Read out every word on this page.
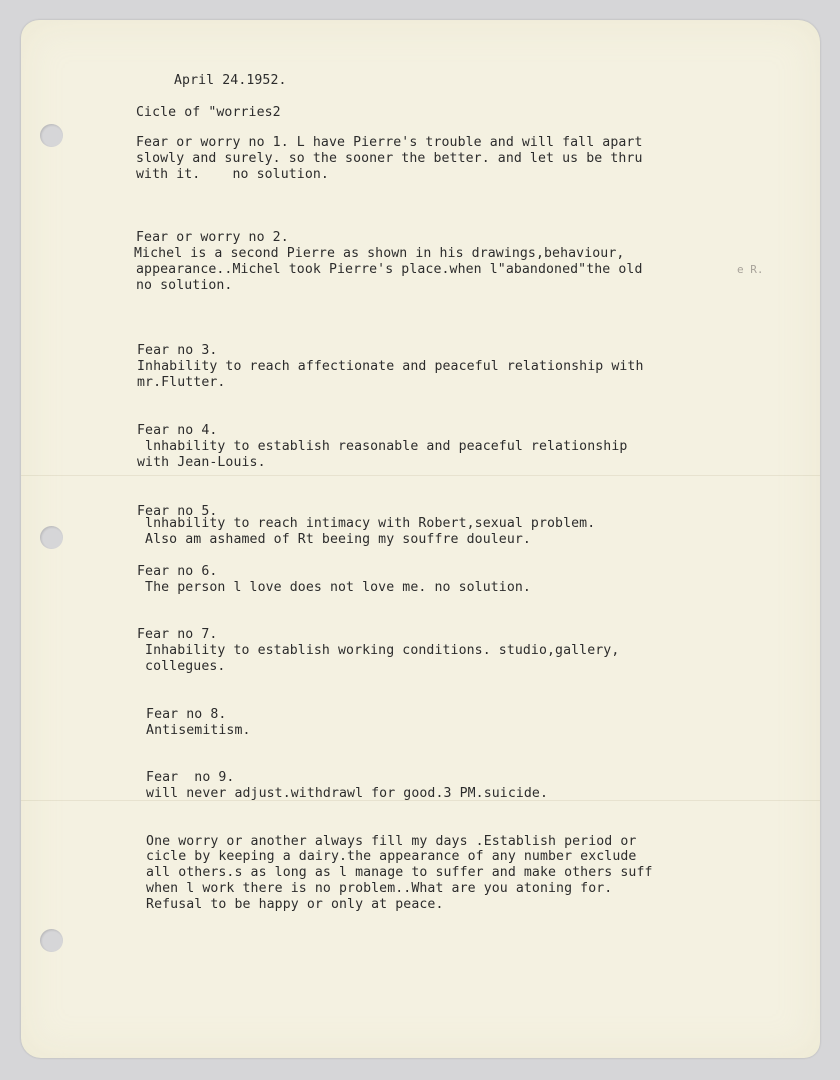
April 24.1952.

Cicle of "worries2

Fear or worry no 1. L have Pierre's trouble and will fall apart

slowly and surely. so the sooner the better. and let us be thru

with it.    no solution.

Fear or worry no 2.

Michel is a second Pierre as shown in his drawings,behaviour,

appearance..Michel took Pierre's place.when l"abandoned"the old	e R.

no solution.

Fear no 3.

Inhability to reach affectionate and peaceful relationship with

mr.Flutter.

Fear no 4.

lnhability to establish reasonable and peaceful relationship

with Jean-Louis.

Fear no 5.

lnhability to reach intimacy with Robert,sexual problem.

Also am ashamed of Rt beeing my souffre douleur.

Fear no 6.

The person l love does not love me. no solution.

Fear no 7.

Inhability to establish working conditions. studio,gallery,

collegues.

Fear no 8.

Antisemitism.

Fear  no 9.

will never adjust.withdrawl for good.3 PM.suicide.

One worry or another always fill my days .Establish period or

cicle by keeping a dairy.the appearance of any number exclude

all others.s as long as l manage to suffer and make others suff

when l work there is no problem..What are you atoning for.

Refusal to be happy or only at peace.
